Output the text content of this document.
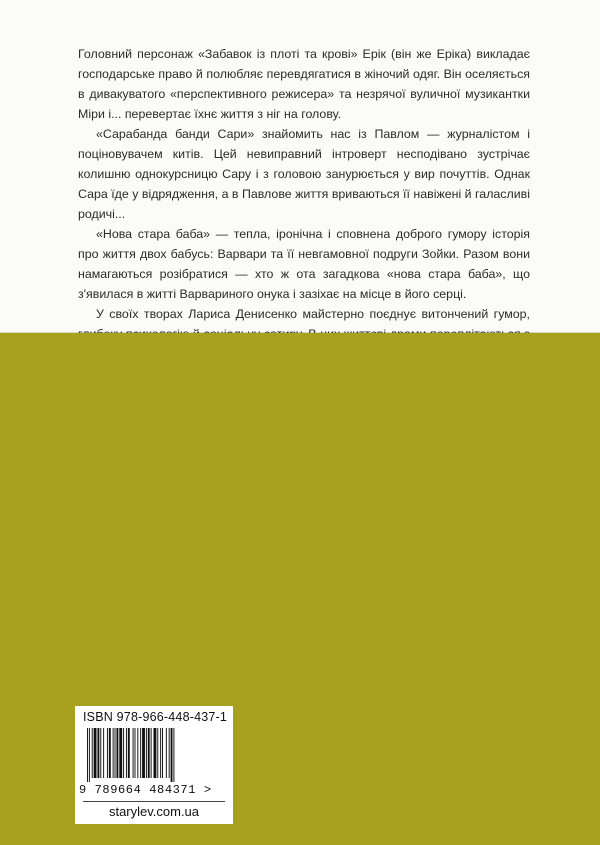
Головний персонаж «Забавок із плоті та крові» Ерік (він же Еріка) викладає господарське право й полюбляє перевдягатися в жіночий одяг. Він оселяється в дивакуватого «перспективного режисера» та незрячої вуличної музикантки Міри і... перевертає їхнє життя з ніг на голову.

«Сарабанда банди Сари» знайомить нас із Павлом — журналістом і поціновувачем китів. Цей невиправний інтроверт несподівано зустрічає колишню однокурсницю Сару і з головою занурюється у вир почуттів. Однак Сара їде у відрядження, а в Павлове життя вриваються її навіжені й галасливі родичі...

«Нова стара баба» — тепла, іронічна і сповнена доброго гумору історія про життя двох бабусь: Варвари та її невгамовної подруги Зойки. Разом вони намагаються розібратися — хто ж ота загадкова «нова стара баба», що з'явилася в житті Варвариного онука і зазіхає на місце в його серці.

У своїх творах Лариса Денисенко майстерно поєднує витончений гумор,

ISBN 978-966-448-437-1
9 789664 484371 >
starylev.com.ua
